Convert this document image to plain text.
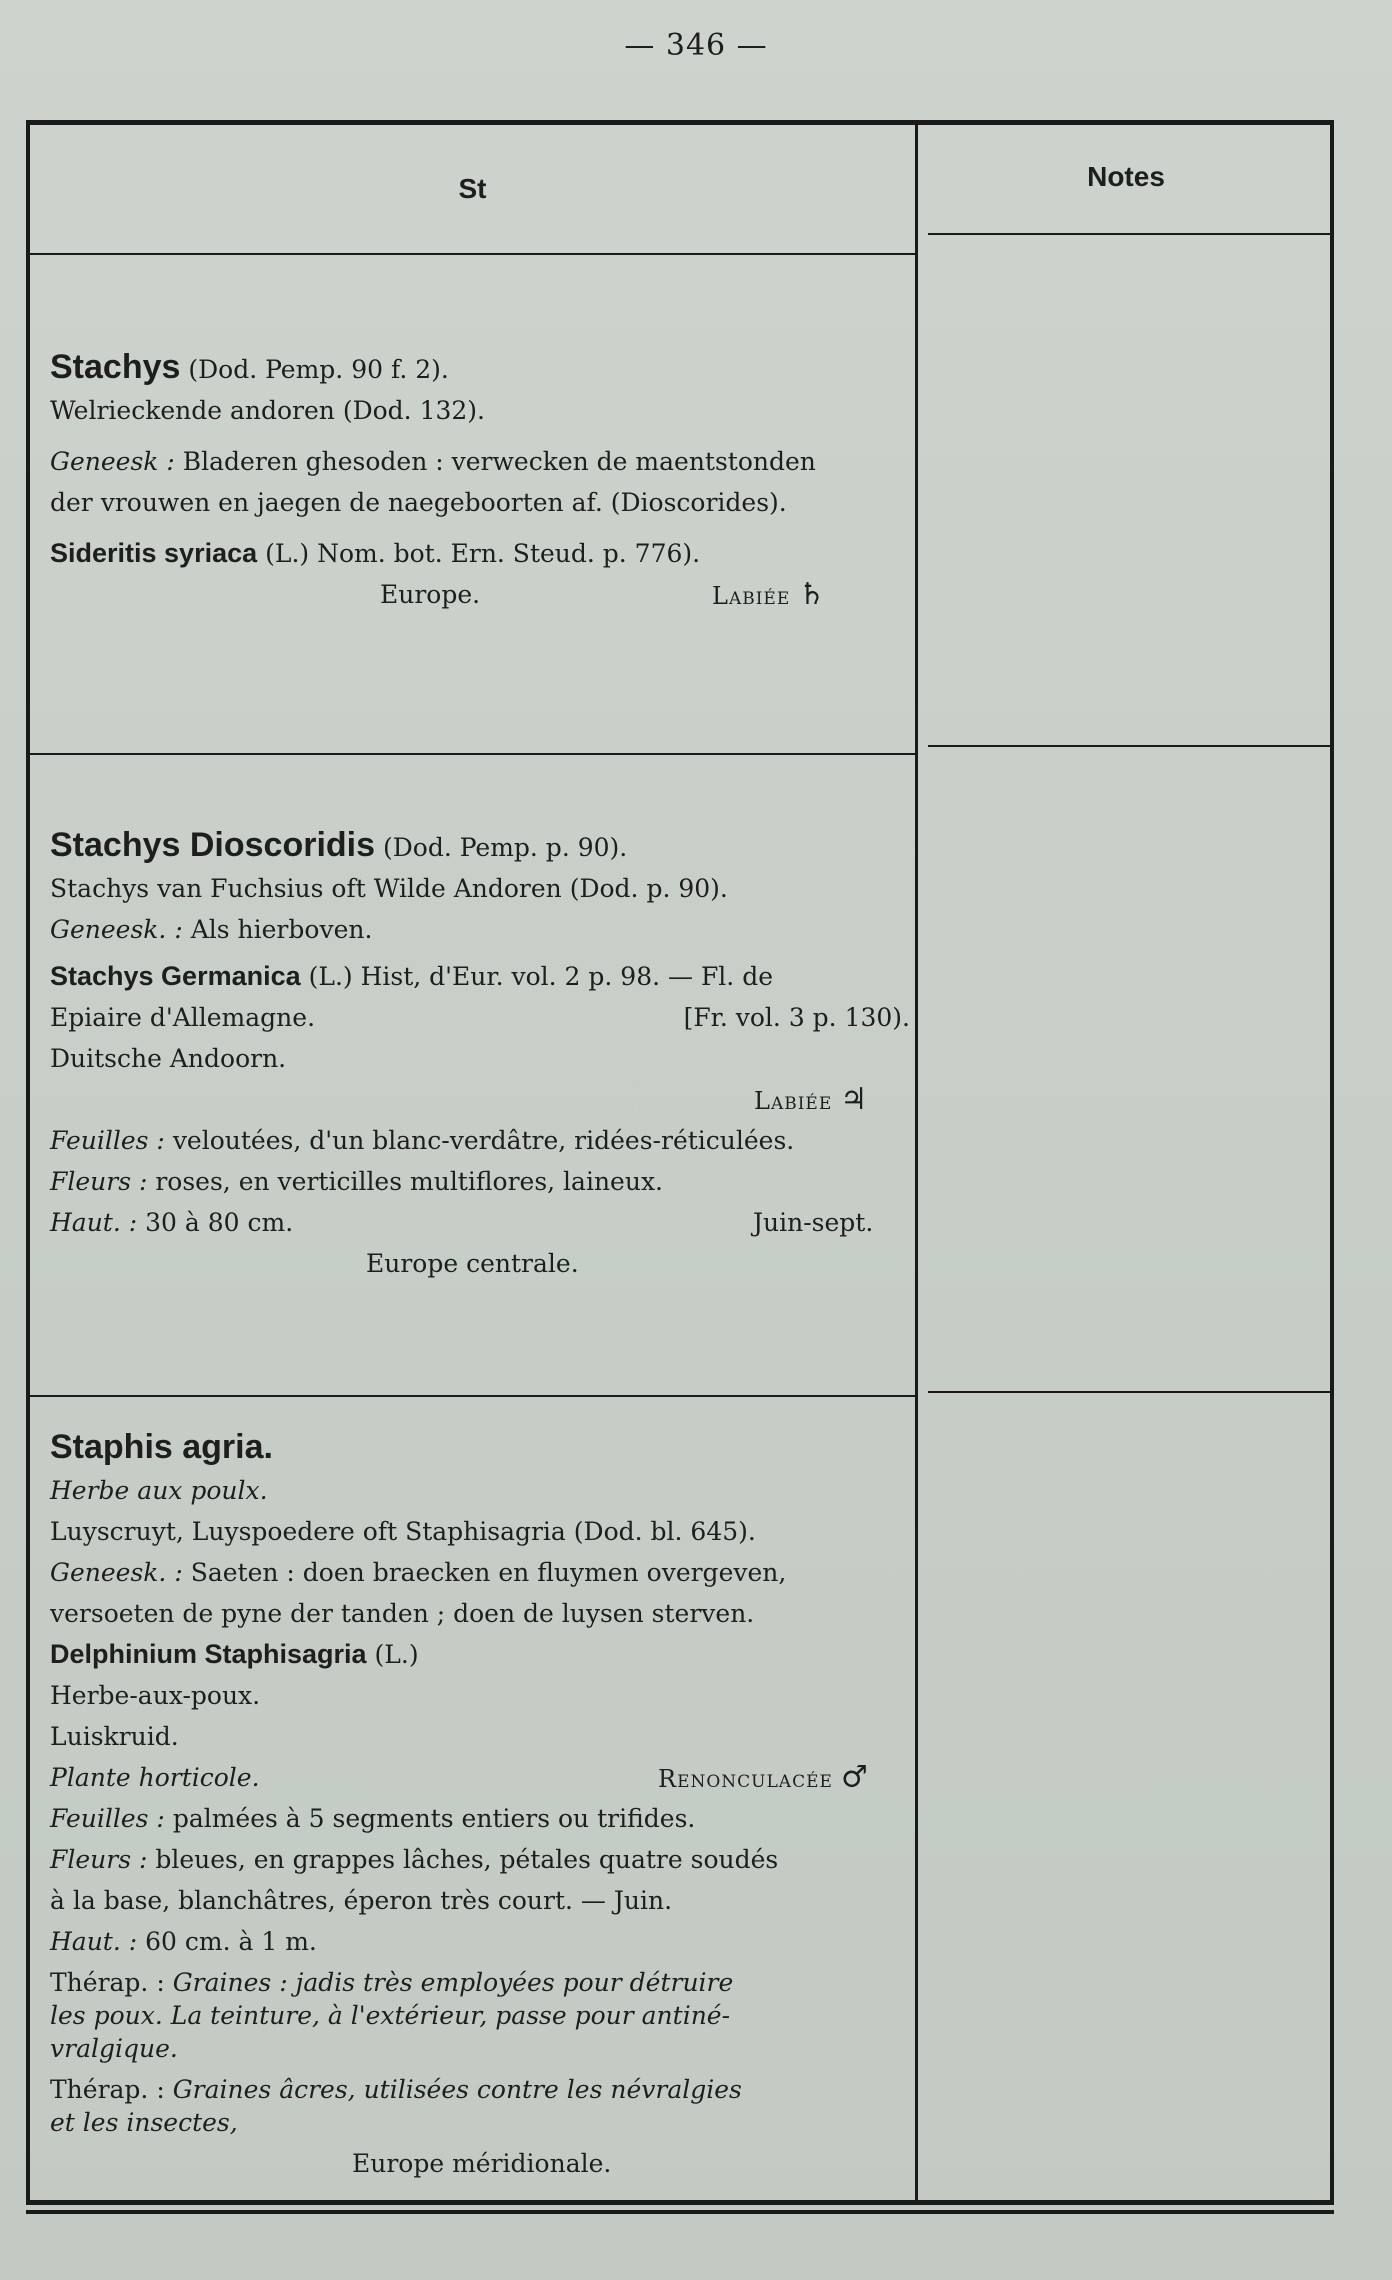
— 346 —
St	Notes
Stachys (Dod. Pemp. 90 f. 2).
Welrieckende andoren (Dod. 132).
Geneesk : Bladeren ghesoden : verwecken de maentstonden
der vrouwen en jaegen de naegeboorten af. (Dioscorides).
Sideritis syriaca (L.) Nom. bot. Ern. Steud. p. 776).
Europe.	Labiée ♄

Stachys Dioscoridis (Dod. Pemp. p. 90).
Stachys van Fuchsius oft Wilde Andoren (Dod. p. 90).
Geneesk. : Als hierboven.
Stachys Germanica (L.) Hist, d'Eur. vol. 2 p. 98. — Fl. de
Epiaire d'Allemagne.	[Fr. vol. 3 p. 130).
Duitsche Andoorn.
Labiée ♃

Feuilles : veloutées, d'un blanc-verdâtre, ridées-réticulées.
Fleurs : roses, en verticilles multiflores, laineux.
Haut. : 30 à 80 cm.	Juin-sept.
Europe centrale.

Staphis agria.
Herbe aux poulx.
Luyscruyt, Luyspoedere oft Staphisagria (Dod. bl. 645).
Geneesk. : Saeten : doen braecken en fluymen overgeven,
versoeten de pyne der tanden ; doen de luysen sterven.
Delphinium Staphisagria (L.)
Herbe-aux-poux.
Luiskruid.
Plante horticole.	Renonculacée ♂
Feuilles : palmées à 5 segments entiers ou trifides.
Fleurs : bleues, en grappes lâches, pétales quatre soudés
à la base, blanchâtres, éperon très court. — Juin.
Haut. : 60 cm. à 1 m.
Thérap. : Graines : jadis très employées pour détruire
les poux. La teinture, à l'extérieur, passe pour antiné-
vralgique.
Thérap. : Graines âcres, utilisées contre les névralgies
et les insectes,
Europe méridionale.
